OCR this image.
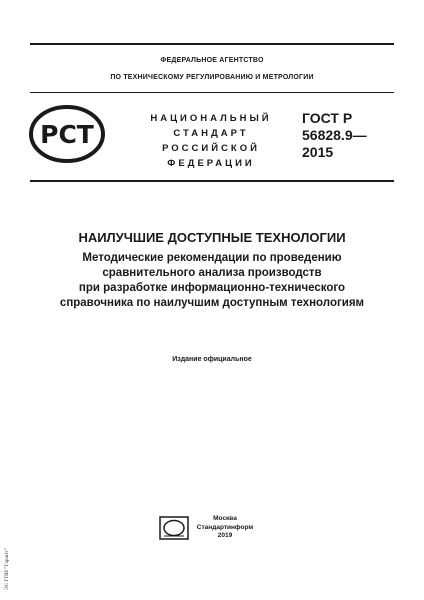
ФЕДЕРАЛЬНОЕ АГЕНТСТВО
ПО ТЕХНИЧЕСКОМУ РЕГУЛИРОВАНИЮ И МЕТРОЛОГИИ
РСТ
НАЦИОНАЛЬНЫЙ
СТАНДАРТ
РОССИЙСКОЙ
ФЕДЕРАЦИИ
ГОСТ Р
56828.9—
2015
НАИЛУЧШИЕ ДОСТУПНЫЕ ТЕХНОЛОГИИ
Методические рекомендации по проведению
сравнительного анализа производств
при разработке информационно-технического
справочника по наилучшим доступным технологиям
Издание официальное
Москва
Стандартинформ
2019
ЭС ГПИ "Гарант"
